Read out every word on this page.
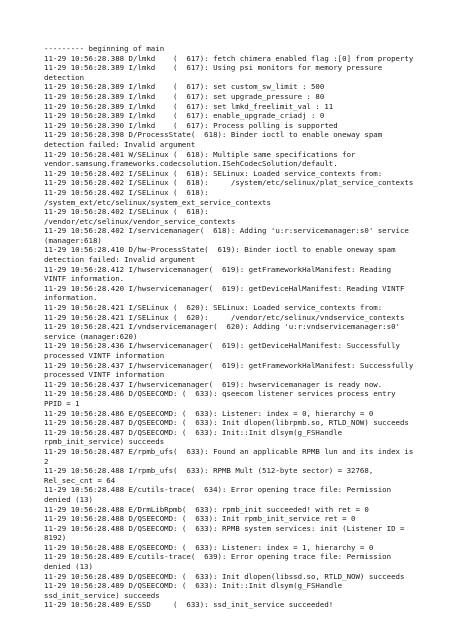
--------- beginning of main
11-29 10:56:28.388 D/lmkd    (  617): fetch chimera enabled flag :[0] from property
11-29 10:56:28.389 I/lmkd    (  617): Using psi monitors for memory pressure
detection
11-29 10:56:28.389 I/lmkd    (  617): set custom_sw_limit : 500
11-29 10:56:28.389 I/lmkd    (  617): set upgrade_pressure : 80
11-29 10:56:28.389 I/lmkd    (  617): set lmkd_freelimit_val : 11
11-29 10:56:28.389 I/lmkd    (  617): enable_upgrade_criadj : 0
11-29 10:56:28.390 I/lmkd    (  617): Process polling is supported
11-29 10:56:28.398 D/ProcessState(  618): Binder ioctl to enable oneway spam
detection failed: Invalid argument
11-29 10:56:28.401 W/SELinux (  618): Multiple same specifications for
vendor.samsung.frameworks.codecsolution.ISehCodecSolution/default.
11-29 10:56:28.402 I/SELinux (  618): SELinux: Loaded service_contexts from:
11-29 10:56:28.402 I/SELinux (  618):     /system/etc/selinux/plat_service_contexts
11-29 10:56:28.402 I/SELinux (  618):
/system_ext/etc/selinux/system_ext_service_contexts
11-29 10:56:28.402 I/SELinux (  618):
/vendor/etc/selinux/vendor_service_contexts
11-29 10:56:28.402 I/servicemanager(  618): Adding 'u:r:servicemanager:s0' service
(manager:618)
11-29 10:56:28.410 D/hw-ProcessState(  619): Binder ioctl to enable oneway spam
detection failed: Invalid argument
11-29 10:56:28.412 I/hwservicemanager(  619): getFrameworkHalManifest: Reading
VINTF information.
11-29 10:56:28.420 I/hwservicemanager(  619): getDeviceHalManifest: Reading VINTF
information.
11-29 10:56:28.421 I/SELinux (  620): SELinux: Loaded service_contexts from:
11-29 10:56:28.421 I/SELinux (  620):     /vendor/etc/selinux/vndservice_contexts
11-29 10:56:28.421 I/vndservicemanager(  620): Adding 'u:r:vndservicemanager:s0'
service (manager:620)
11-29 10:56:28.436 I/hwservicemanager(  619): getDeviceHalManifest: Successfully
processed VINTF information
11-29 10:56:28.437 I/hwservicemanager(  619): getFrameworkHalManifest: Successfully
processed VINTF information
11-29 10:56:28.437 I/hwservicemanager(  619): hwservicemanager is ready now.
11-29 10:56:28.486 D/QSEECOMD: (  633): qseecom listener services process entry
PPID = 1
11-29 10:56:28.486 E/QSEECOMD: (  633): Listener: index = 0, hierarchy = 0
11-29 10:56:28.487 D/QSEECOMD: (  633): Init dlopen(librpmb.so, RTLD_NOW) succeeds
11-29 10:56:28.487 D/QSEECOMD: (  633): Init::Init dlsym(g_FSHandle
rpmb_init_service) succeeds
11-29 10:56:28.487 E/rpmb_ufs(  633): Found an applicable RPMB lun and its index is
2
11-29 10:56:28.488 I/rpmb_ufs(  633): RPMB Mult (512-byte sector) = 32768,
Rel_sec_cnt = 64
11-29 10:56:28.488 E/cutils-trace(  634): Error opening trace file: Permission
denied (13)
11-29 10:56:28.488 E/DrmLibRpmb(  633): rpmb_init succeeded! with ret = 0
11-29 10:56:28.488 D/QSEECOMD: (  633): Init rpmb_init_service ret = 0
11-29 10:56:28.488 D/QSEECOMD: (  633): RPMB system services: init (Listener ID =
8192)
11-29 10:56:28.488 E/QSEECOMD: (  633): Listener: index = 1, hierarchy = 0
11-29 10:56:28.489 E/cutils-trace(  639): Error opening trace file: Permission
denied (13)
11-29 10:56:28.489 D/QSEECOMD: (  633): Init dlopen(libssd.so, RTLD_NOW) succeeds
11-29 10:56:28.489 D/QSEECOMD: (  633): Init::Init dlsym(g_FSHandle
ssd_init_service) succeeds
11-29 10:56:28.489 E/SSD     (  633): ssd_init_service succeeded!
